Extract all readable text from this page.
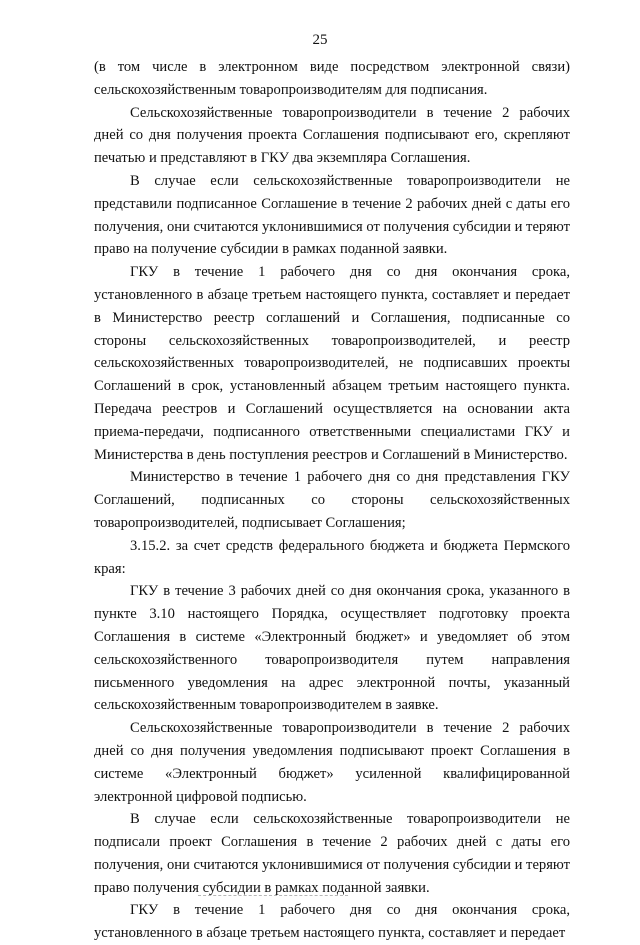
25

(в том числе в электронном виде посредством электронной связи) сельскохозяйственным товаропроизводителям для подписания.

Сельскохозяйственные товаропроизводители в течение 2 рабочих дней со дня получения проекта Соглашения подписывают его, скрепляют печатью и представляют в ГКУ два экземпляра Соглашения.

В случае если сельскохозяйственные товаропроизводители не представили подписанное Соглашение в течение 2 рабочих дней с даты его получения, они считаются уклонившимися от получения субсидии и теряют право на получение субсидии в рамках поданной заявки.

ГКУ в течение 1 рабочего дня со дня окончания срока, установленного в абзаце третьем настоящего пункта, составляет и передает в Министерство реестр соглашений и Соглашения, подписанные со стороны сельскохозяйственных товаропроизводителей, и реестр сельскохозяйственных товаропроизводителей, не подписавших проекты Соглашений в срок, установленный абзацем третьим настоящего пункта. Передача реестров и Соглашений осуществляется на основании акта приема-передачи, подписанного ответственными специалистами ГКУ и Министерства в день поступления реестров и Соглашений в Министерство.

Министерство в течение 1 рабочего дня со дня представления ГКУ Соглашений, подписанных со стороны сельскохозяйственных товаропроизводителей, подписывает Соглашения;

3.15.2. за счет средств федерального бюджета и бюджета Пермского края:

ГКУ в течение 3 рабочих дней со дня окончания срока, указанного в пункте 3.10 настоящего Порядка, осуществляет подготовку проекта Соглашения в системе «Электронный бюджет» и уведомляет об этом сельскохозяйственного товаропроизводителя путем направления письменного уведомления на адрес электронной почты, указанный сельскохозяйственным товаропроизводителем в заявке.

Сельскохозяйственные товаропроизводители в течение 2 рабочих дней со дня получения уведомления подписывают проект Соглашения в системе «Электронный бюджет» усиленной квалифицированной электронной цифровой подписью.

В случае если сельскохозяйственные товаропроизводители не подписали проект Соглашения в течение 2 рабочих дней с даты его получения, они считаются уклонившимися от получения субсидии и теряют право получения субсидии в рамках поданной заявки.

ГКУ в течение 1 рабочего дня со дня окончания срока, установленного в абзаце третьем настоящего пункта, составляет и передает
